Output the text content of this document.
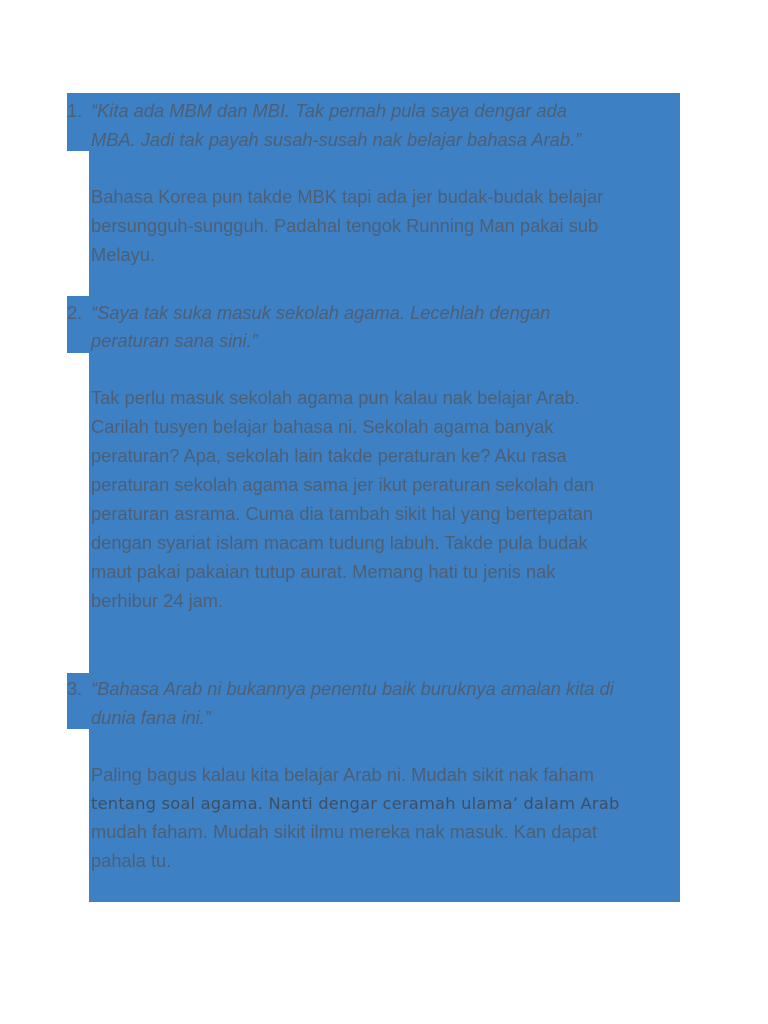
1. “Kita ada MBM dan MBI. Tak pernah pula saya dengar ada

MBA. Jadi tak payah susah-susah nak belajar bahasa Arab.”

Bahasa Korea pun takde MBK tapi ada jer budak-budak belajar

bersungguh-sungguh. Padahal tengok Running Man pakai sub

Melayu.

2. “Saya tak suka masuk sekolah agama. Lecehlah dengan

peraturan sana sini.”

Tak perlu masuk sekolah agama pun kalau nak belajar Arab.

Carilah tusyen belajar bahasa ni. Sekolah agama banyak

peraturan? Apa, sekolah lain takde peraturan ke? Aku rasa

peraturan sekolah agama sama jer ikut peraturan sekolah dan

peraturan asrama. Cuma dia tambah sikit hal yang bertepatan

dengan syariat islam macam tudung labuh. Takde pula budak

maut pakai pakaian tutup aurat. Memang hati tu jenis nak

berhibur 24 jam.

3. “Bahasa Arab ni bukannya penentu baik buruknya amalan kita di

dunia fana ini.”

Paling bagus kalau kita belajar Arab ni. Mudah sikit nak faham

tentang soal agama. Nanti dengar ceramah ulama’ dalam Arab

mudah faham. Mudah sikit ilmu mereka nak masuk. Kan dapat

pahala tu.
